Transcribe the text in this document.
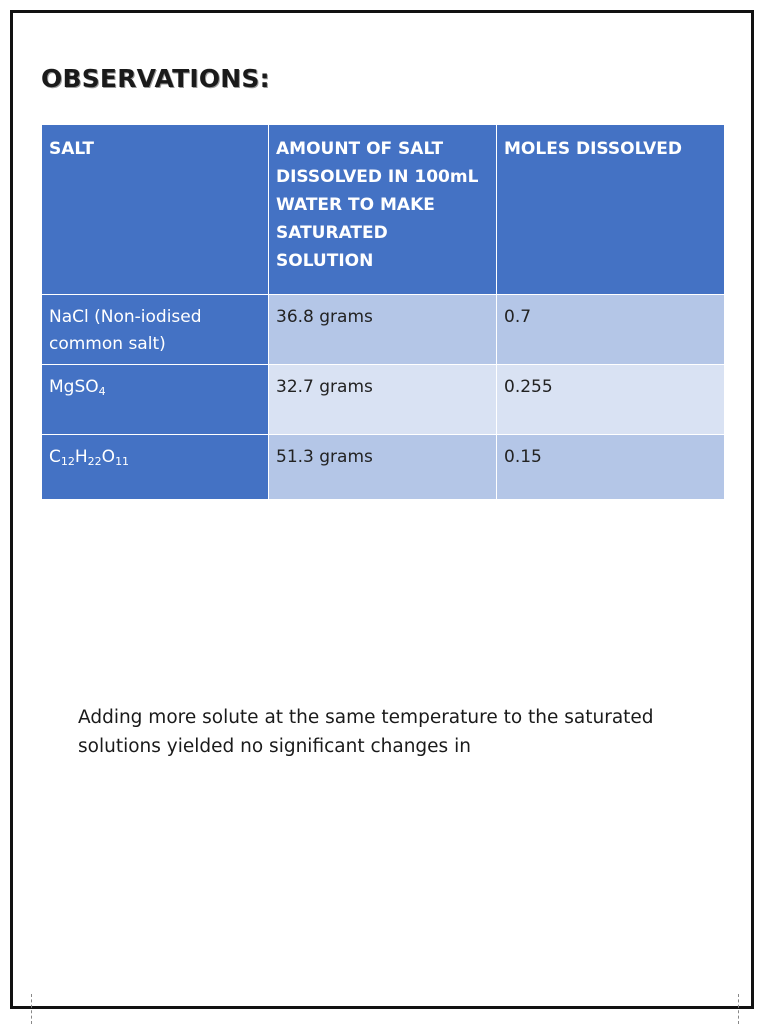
OBSERVATIONS:
SALT	AMOUNT OF SALT DISSOLVED IN 100mL WATER TO MAKE SATURATED SOLUTION	MOLES DISSOLVED
NaCl (Non-iodised common salt)	36.8 grams	0.7
MgSO$_4$	32.7 grams	0.255
$C_{12}H_{22}O_{11}$	51.3 grams	0.15

Adding more solute at the same temperature to the saturated solutions yielded no significant changes in
